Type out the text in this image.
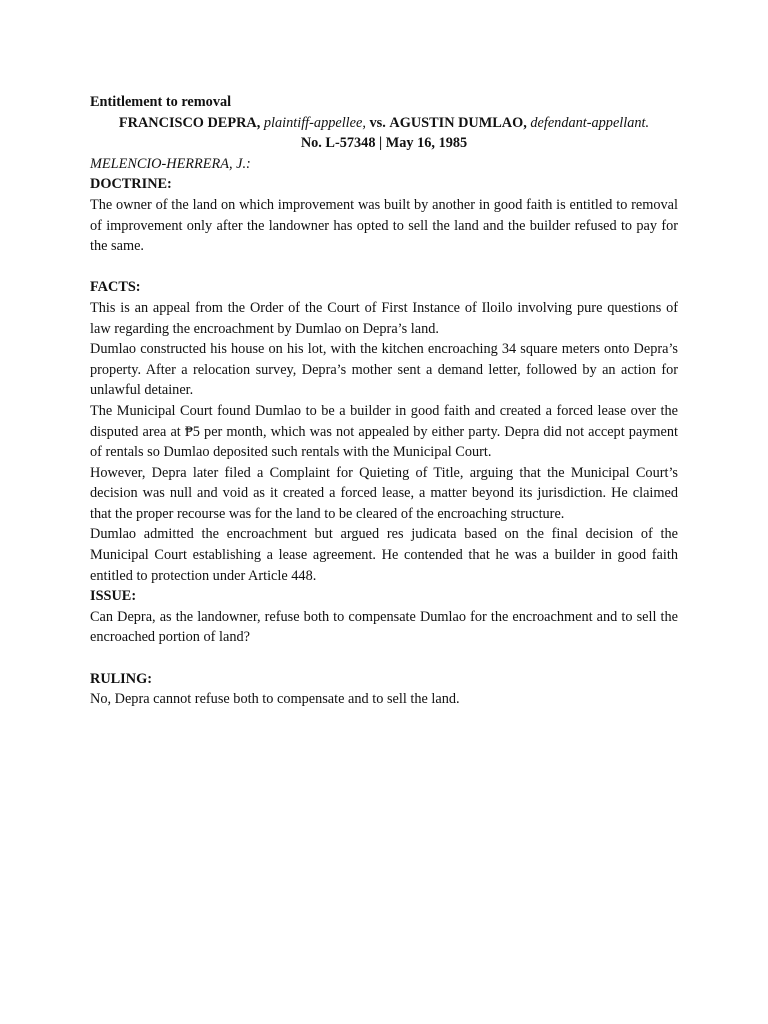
Entitlement to removal

FRANCISCO DEPRA, plaintiff-appellee, vs. AGUSTIN DUMLAO, defendant-appellant.

No. L-57348 | May 16, 1985

MELENCIO-HERRERA, J.:

DOCTRINE:

The owner of the land on which improvement was built by another in good faith is entitled to removal of improvement only after the landowner has opted to sell the land and the builder refused to pay for the same.

FACTS:

This is an appeal from the Order of the Court of First Instance of Iloilo involving pure questions of law regarding the encroachment by Dumlao on Depra’s land.

Dumlao constructed his house on his lot, with the kitchen encroaching 34 square meters onto Depra’s property. After a relocation survey, Depra’s mother sent a demand letter, followed by an action for unlawful detainer.

The Municipal Court found Dumlao to be a builder in good faith and created a forced lease over the disputed area at ₱5 per month, which was not appealed by either party. Depra did not accept payment of rentals so Dumlao deposited such rentals with the Municipal Court.

However, Depra later filed a Complaint for Quieting of Title, arguing that the Municipal Court’s decision was null and void as it created a forced lease, a matter beyond its jurisdiction. He claimed that the proper recourse was for the land to be cleared of the encroaching structure.

Dumlao admitted the encroachment but argued res judicata based on the final decision of the Municipal Court establishing a lease agreement. He contended that he was a builder in good faith entitled to protection under Article 448.

ISSUE:

Can Depra, as the landowner, refuse both to compensate Dumlao for the encroachment and to sell the encroached portion of land?

RULING:

No, Depra cannot refuse both to compensate and to sell the land.
